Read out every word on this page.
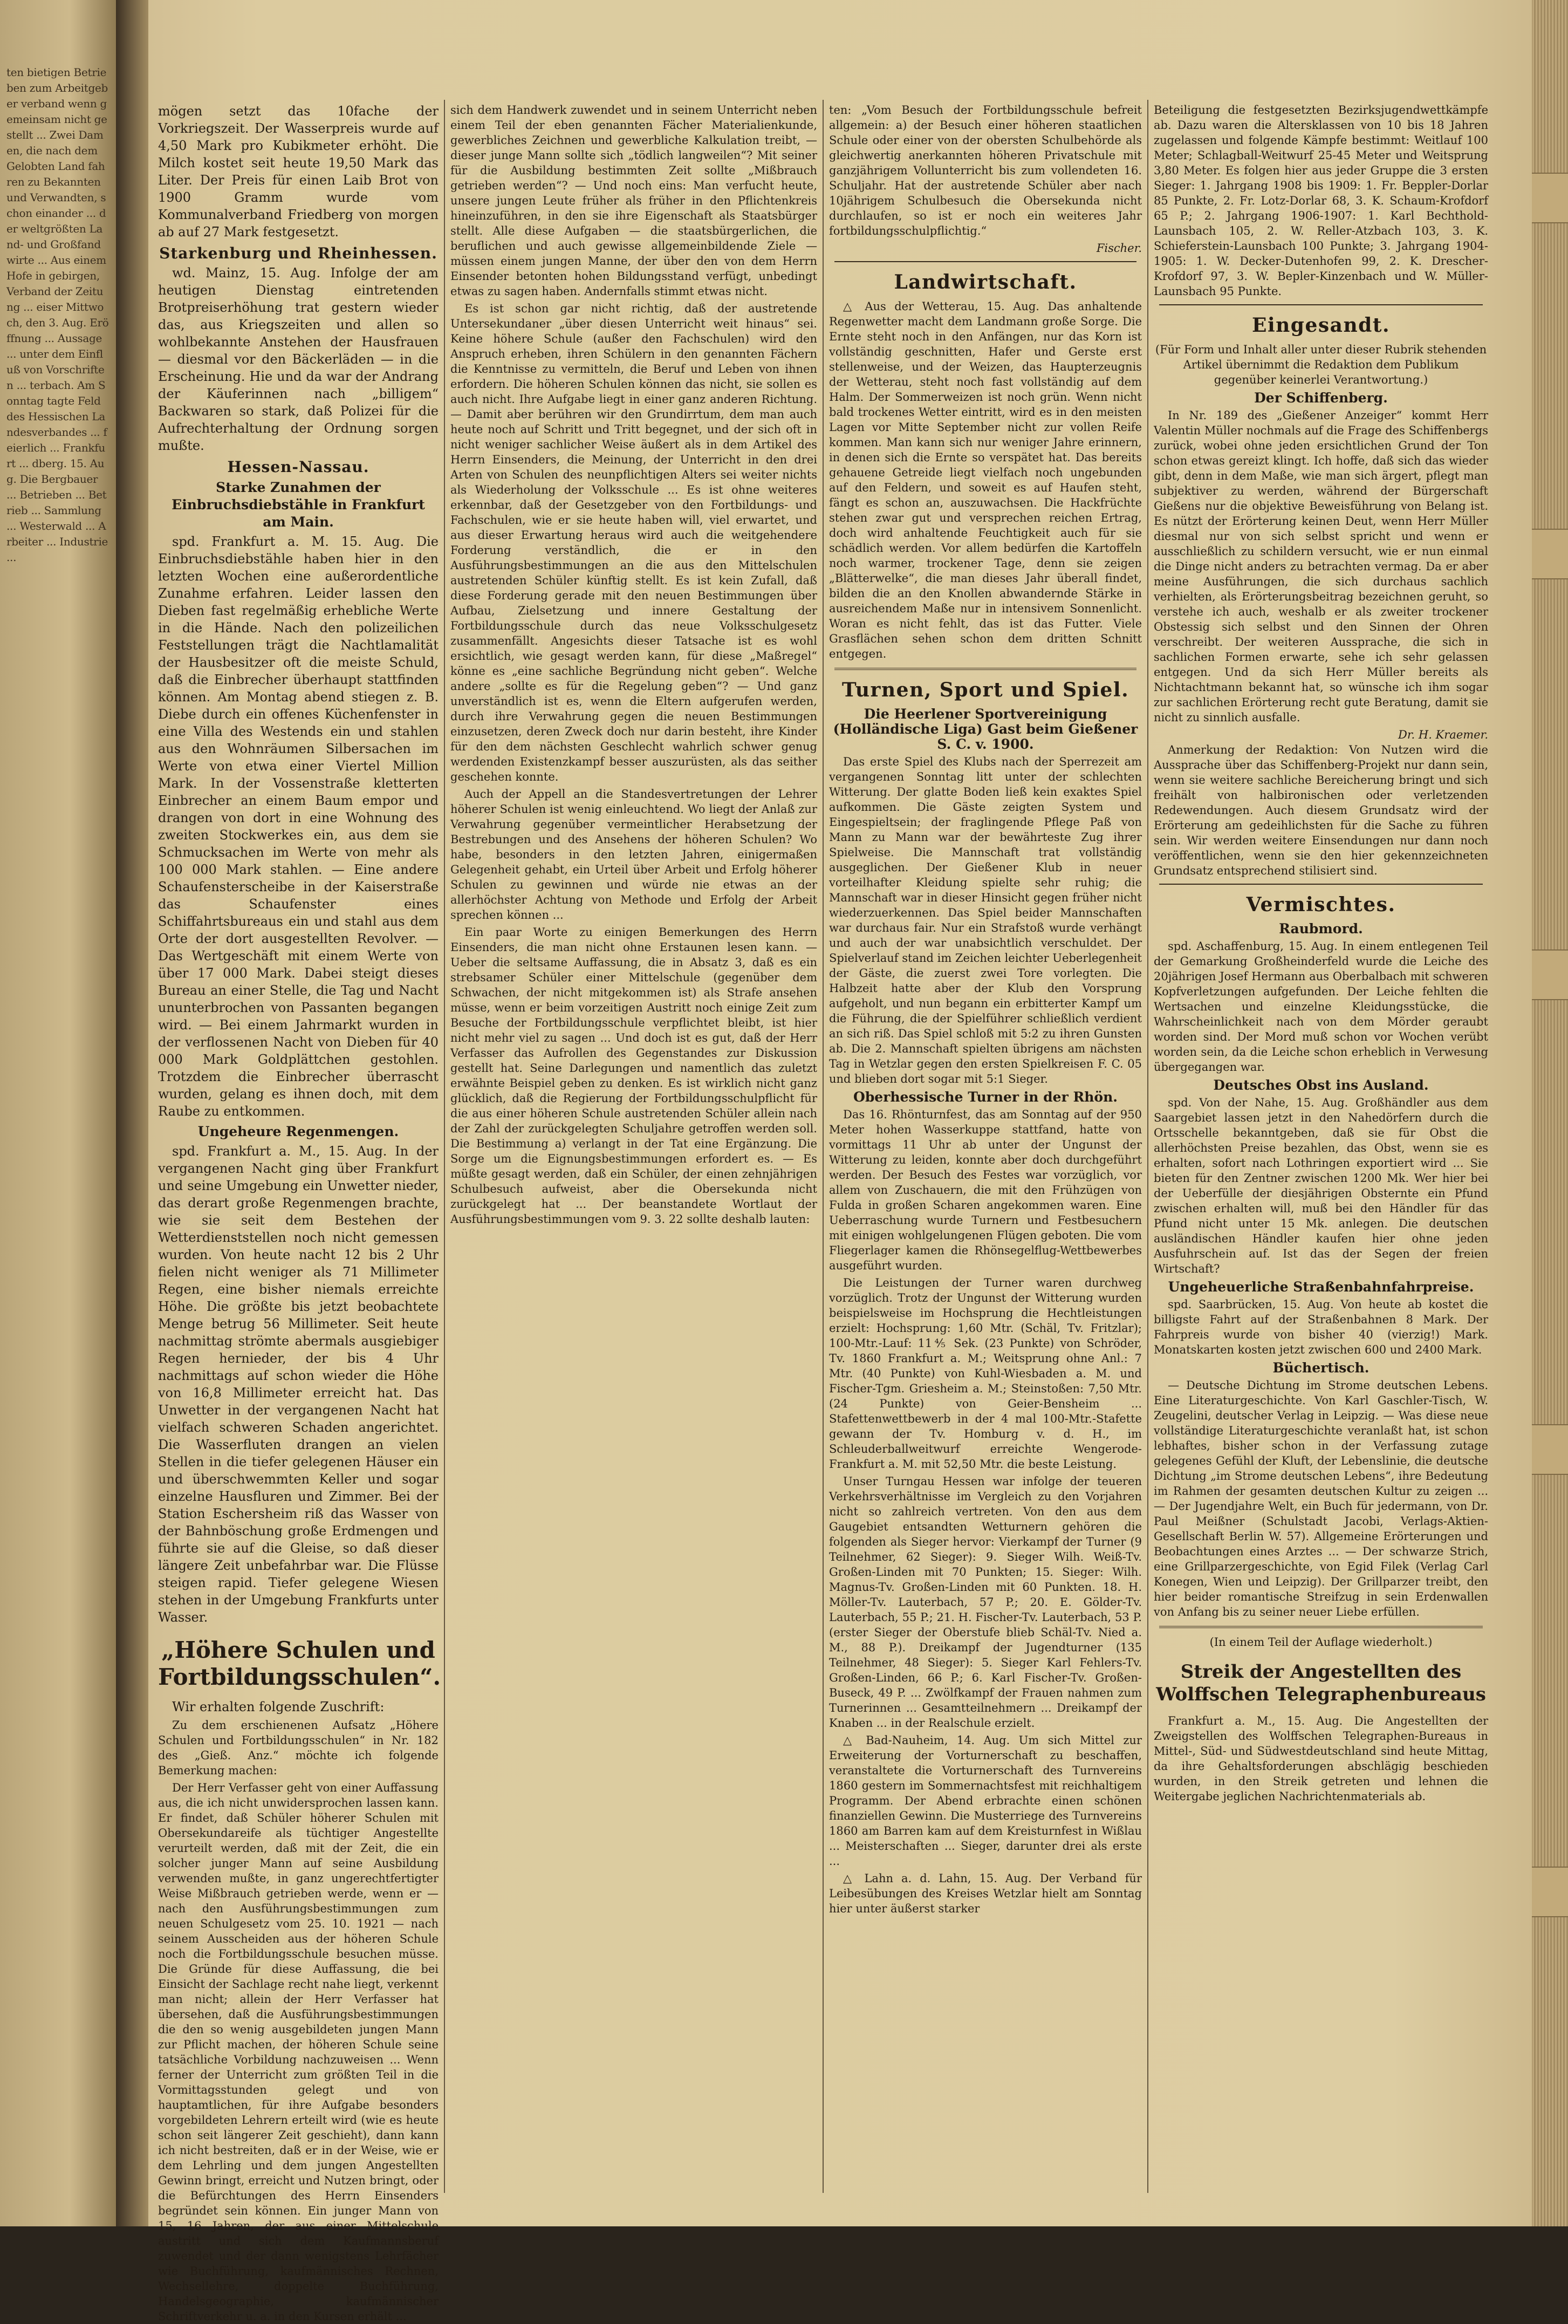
ten bietigen Betrieben zum Arbeitgeber verband wenn gemeinsam nicht gestellt ... Zwei Damen, die nach dem Gelobten Land fahren zu Bekannten und Verwandten, schon einander ... der weltgrößten Land- und Großfandwirte ... Aus einem Hofe in gebirgen, Verband der Zeitung ... eiser Mittwoch, den 3. Aug. Eröffnung ... Aussage ... unter dem Einfluß von Vorschriften ... terbach. Am Sonntag tagte Feld des Hessischen Landesverbandes ... feierlich ... Frankfurt ... dberg. 15. Aug. Die Bergbauer ... Betrieben ... Betrieb ... Sammlung ... Westerwald ... Arbeiter ... Industrie ...

mögen setzt das 10fache der Vorkriegszeit. Der Wasserpreis wurde auf 4,50 Mark pro Kubikmeter erhöht. Die Milch kostet seit heute 19,50 Mark das Liter. Der Preis für einen Laib Brot von 1900 Gramm wurde vom Kommunalverband Friedberg von morgen ab auf 27 Mark festgesetzt.

Starkenburg und Rheinhessen.

wd. Mainz, 15. Aug. Infolge der am heutigen Dienstag eintretenden Brotpreiserhöhung trat gestern wieder das, aus Kriegszeiten und allen so wohlbekannte Anstehen der Hausfrauen — diesmal vor den Bäckerläden — in die Erscheinung. Hie und da war der Andrang der Käuferinnen nach „billigem“ Backwaren so stark, daß Polizei für die Aufrechterhaltung der Ordnung sorgen mußte.

Hessen-Nassau.
Starke Zunahmen der Einbruchsdiebstähle in Frankfurt am Main.

spd. Frankfurt a. M. 15. Aug. Die Einbruchsdiebstähle haben hier in den letzten Wochen eine außerordentliche Zunahme erfahren. Leider lassen den Dieben fast regelmäßig erhebliche Werte in die Hände. Nach den polizeilichen Feststellungen trägt die Nachtlamalität der Hausbesitzer oft die meiste Schuld, daß die Einbrecher überhaupt stattfinden können. Am Montag abend stiegen z. B. Diebe durch ein offenes Küchenfenster in eine Villa des Westends ein und stahlen aus den Wohnräumen Silbersachen im Werte von etwa einer Viertel Million Mark. In der Vossenstraße kletterten Einbrecher an einem Baum empor und drangen von dort in eine Wohnung des zweiten Stockwerkes ein, aus dem sie Schmucksachen im Werte von mehr als 100 000 Mark stahlen. — Eine andere Schaufensterscheibe in der Kaiserstraße das Schaufenster eines Schiffahrtsbureaus ein und stahl aus dem Orte der dort ausgestellten Revolver. — Das Wertgeschäft mit einem Werte von über 17 000 Mark. Dabei steigt dieses Bureau an einer Stelle, die Tag und Nacht ununterbrochen von Passanten begangen wird. — Bei einem Jahrmarkt wurden in der verflossenen Nacht von Dieben für 40 000 Mark Goldplättchen gestohlen. Trotzdem die Einbrecher überrascht wurden, gelang es ihnen doch, mit dem Raube zu entkommen.

Ungeheure Regenmengen.

spd. Frankfurt a. M., 15. Aug. In der vergangenen Nacht ging über Frankfurt und seine Umgebung ein Unwetter nieder, das derart große Regenmengen brachte, wie sie seit dem Bestehen der Wetterdienststellen noch nicht gemessen wurden. Von heute nacht 12 bis 2 Uhr fielen nicht weniger als 71 Millimeter Regen, eine bisher niemals erreichte Höhe. Die größte bis jetzt beobachtete Menge betrug 56 Millimeter. Seit heute nachmittag strömte abermals ausgiebiger Regen hernieder, der bis 4 Uhr nachmittags auf schon wieder die Höhe von 16,8 Millimeter erreicht hat. Das Unwetter in der vergangenen Nacht hat vielfach schweren Schaden angerichtet. Die Wasserfluten drangen an vielen Stellen in die tiefer gelegenen Häuser ein und überschwemmten Keller und sogar einzelne Hausfluren und Zimmer. Bei der Station Eschersheim riß das Wasser von der Bahnböschung große Erdmengen und führte sie auf die Gleise, so daß dieser längere Zeit unbefahrbar war. Die Flüsse steigen rapid. Tiefer gelegene Wiesen stehen in der Umgebung Frankfurts unter Wasser.

„Höhere Schulen und Fortbildungsschulen“.

Wir erhalten folgende Zuschrift:

Zu dem erschienenen Aufsatz „Höhere Schulen und Fortbildungsschulen“ in Nr. 182 des „Gieß. Anz.“ möchte ich folgende Bemerkung machen:

Der Herr Verfasser geht von einer Auffassung aus, die ich nicht unwidersprochen lassen kann. Er findet, daß Schüler höherer Schulen mit Obersekundareife als tüchtiger Angestellte verurteilt werden, daß mit der Zeit, die ein solcher junger Mann auf seine Ausbildung verwenden mußte, in ganz ungerechtfertigter Weise Mißbrauch getrieben werde, wenn er — nach den Ausführungsbestimmungen zum neuen Schulgesetz vom 25. 10. 1921 — nach seinem Ausscheiden aus der höheren Schule noch die Fortbildungsschule besuchen müsse. Die Gründe für diese Auffassung, die bei Einsicht der Sachlage recht nahe liegt, verkennt man nicht; allein der Herr Verfasser hat übersehen, daß die Ausführungsbestimmungen die den so wenig ausgebildeten jungen Mann zur Pflicht machen, der höheren Schule seine tatsächliche Vorbildung nachzuweisen ... Wenn ferner der Unterricht zum größten Teil in die Vormittagsstunden gelegt und von hauptamtlichen, für ihre Aufgabe besonders vorgebildeten Lehrern erteilt wird (wie es heute schon seit längerer Zeit geschieht), dann kann ich nicht bestreiten, daß er in der Weise, wie er dem Lehrling und dem jungen Angestellten Gewinn bringt, erreicht und Nutzen bringt, oder die Befürchtungen des Herrn Einsenders begründet sein können. Ein junger Mann von 15, 16 Jahren, der aus einer Mittelschule austritt und sich dem Kaufmannsberuf zuwendet und der dann wenigstens Lehrfächer wie Buchführung, kaufmännisches Rechnen, Wechsellehre, doppelte Buchführung, Handelsgeographie, kaufmännischer Schriftverkehr u. a. in den Kursen erhält ...

sich dem Handwerk zuwendet und in seinem Unterricht neben einem Teil der eben genannten Fächer Materialienkunde, gewerbliches Zeichnen und gewerbliche Kalkulation treibt, — dieser junge Mann sollte sich „tödlich langweilen“? Mit seiner für die Ausbildung bestimmten Zeit sollte „Mißbrauch getrieben werden“? — Und noch eins: Man verfucht heute, unsere jungen Leute früher als früher in den Pflichtenkreis hineinzuführen, in den sie ihre Eigenschaft als Staatsbürger stellt. Alle diese Aufgaben — die staatsbürgerlichen, die beruflichen und auch gewisse allgemeinbildende Ziele — müssen einem jungen Manne, der über den von dem Herrn Einsender betonten hohen Bildungsstand verfügt, unbedingt etwas zu sagen haben. Andernfalls stimmt etwas nicht.

Es ist schon gar nicht richtig, daß der austretende Untersekundaner „über diesen Unterricht weit hinaus“ sei. Keine höhere Schule (außer den Fachschulen) wird den Anspruch erheben, ihren Schülern in den genannten Fächern die Kenntnisse zu vermitteln, die Beruf und Leben von ihnen erfordern. Die höheren Schulen können das nicht, sie sollen es auch nicht. Ihre Aufgabe liegt in einer ganz anderen Richtung. — Damit aber berühren wir den Grundirrtum, dem man auch heute noch auf Schritt und Tritt begegnet, und der sich oft in nicht weniger sachlicher Weise äußert als in dem Artikel des Herrn Einsenders, die Meinung, der Unterricht in den drei Arten von Schulen des neunpflichtigen Alters sei weiter nichts als Wiederholung der Volksschule ... Es ist ohne weiteres erkennbar, daß der Gesetzgeber von den Fortbildungs- und Fachschulen, wie er sie heute haben will, viel erwartet, und aus dieser Erwartung heraus wird auch die weitgehendere Forderung verständlich, die er in den Ausführungsbestimmungen an die aus den Mittelschulen austretenden Schüler künftig stellt. Es ist kein Zufall, daß diese Forderung gerade mit den neuen Bestimmungen über Aufbau, Zielsetzung und innere Gestaltung der Fortbildungsschule durch das neue Volksschulgesetz zusammenfällt. Angesichts dieser Tatsache ist es wohl ersichtlich, wie gesagt werden kann, für diese „Maßregel“ könne es „eine sachliche Begründung nicht geben“. Welche andere „sollte es für die Regelung geben“? — Und ganz unverständlich ist es, wenn die Eltern aufgerufen werden, durch ihre Verwahrung gegen die neuen Bestimmungen einzusetzen, deren Zweck doch nur darin besteht, ihre Kinder für den dem nächsten Geschlecht wahrlich schwer genug werdenden Existenzkampf besser auszurüsten, als das seither geschehen konnte.

Auch der Appell an die Standesvertretungen der Lehrer höherer Schulen ist wenig einleuchtend. Wo liegt der Anlaß zur Verwahrung gegenüber vermeintlicher Herabsetzung der Bestrebungen und des Ansehens der höheren Schulen? Wo habe, besonders in den letzten Jahren, einigermaßen Gelegenheit gehabt, ein Urteil über Arbeit und Erfolg höherer Schulen zu gewinnen und würde nie etwas an der allerhöchster Achtung von Methode und Erfolg der Arbeit sprechen können ...

Ein paar Worte zu einigen Bemerkungen des Herrn Einsenders, die man nicht ohne Erstaunen lesen kann. — Ueber die seltsame Auffassung, die in Absatz 3, daß es ein strebsamer Schüler einer Mittelschule (gegenüber dem Schwachen, der nicht mitgekommen ist) als Strafe ansehen müsse, wenn er beim vorzeitigen Austritt noch einige Zeit zum Besuche der Fortbildungsschule verpflichtet bleibt, ist hier nicht mehr viel zu sagen ... Und doch ist es gut, daß der Herr Verfasser das Aufrollen des Gegenstandes zur Diskussion gestellt hat. Seine Darlegungen und namentlich das zuletzt erwähnte Beispiel geben zu denken. Es ist wirklich nicht ganz glücklich, daß die Regierung der Fortbildungsschulpflicht für die aus einer höheren Schule austretenden Schüler allein nach der Zahl der zurückgelegten Schuljahre getroffen werden soll. Die Bestimmung a) verlangt in der Tat eine Ergänzung. Die Sorge um die Eignungsbestimmungen erfordert es. — Es müßte gesagt werden, daß ein Schüler, der einen zehnjährigen Schulbesuch aufweist, aber die Obersekunda nicht zurückgelegt hat ... Der beanstandete Wortlaut der Ausführungsbestimmungen vom 9. 3. 22 sollte deshalb lauten:

ten: „Vom Besuch der Fortbildungsschule befreit allgemein: a) der Besuch einer höheren staatlichen Schule oder einer von der obersten Schulbehörde als gleichwertig anerkannten höheren Privatschule mit ganzjährigem Vollunterricht bis zum vollendeten 16. Schuljahr. Hat der austretende Schüler aber nach 10jährigem Schulbesuch die Obersekunda nicht durchlaufen, so ist er noch ein weiteres Jahr fortbildungsschulpflichtig.“

Fischer.
Landwirtschaft.

△ Aus der Wetterau, 15. Aug. Das anhaltende Regenwetter macht dem Landmann große Sorge. Die Ernte steht noch in den Anfängen, nur das Korn ist vollständig geschnitten, Hafer und Gerste erst stellenweise, und der Weizen, das Haupterzeugnis der Wetterau, steht noch fast vollständig auf dem Halm. Der Sommerweizen ist noch grün. Wenn nicht bald trockenes Wetter eintritt, wird es in den meisten Lagen vor Mitte September nicht zur vollen Reife kommen. Man kann sich nur weniger Jahre erinnern, in denen sich die Ernte so verspätet hat. Das bereits gehauene Getreide liegt vielfach noch ungebunden auf den Feldern, und soweit es auf Haufen steht, fängt es schon an, auszuwachsen. Die Hackfrüchte stehen zwar gut und versprechen reichen Ertrag, doch wird anhaltende Feuchtigkeit auch für sie schädlich werden. Vor allem bedürfen die Kartoffeln noch warmer, trockener Tage, denn sie zeigen „Blätterwelke“, die man dieses Jahr überall findet, bilden die an den Knollen abwandernde Stärke in ausreichendem Maße nur in intensivem Sonnenlicht. Woran es nicht fehlt, das ist das Futter. Viele Grasflächen sehen schon dem dritten Schnitt entgegen.

Turnen, Sport und Spiel.
Die Heerlener Sportvereinigung (Holländische Liga) Gast beim Gießener S. C. v. 1900.

Das erste Spiel des Klubs nach der Sperrezeit am vergangenen Sonntag litt unter der schlechten Witterung. Der glatte Boden ließ kein exaktes Spiel aufkommen. Die Gäste zeigten System und Eingespieltsein; der fraglingende Pflege Paß von Mann zu Mann war der bewährteste Zug ihrer Spielweise. Die Mannschaft trat vollständig ausgeglichen. Der Gießener Klub in neuer vorteilhafter Kleidung spielte sehr ruhig; die Mannschaft war in dieser Hinsicht gegen früher nicht wiederzuerkennen. Das Spiel beider Mannschaften war durchaus fair. Nur ein Strafstoß wurde verhängt und auch der war unabsichtlich verschuldet. Der Spielverlauf stand im Zeichen leichter Ueberlegenheit der Gäste, die zuerst zwei Tore vorlegten. Die Halbzeit hatte aber der Klub den Vorsprung aufgeholt, und nun begann ein erbitterter Kampf um die Führung, die der Spielführer schließlich verdient an sich riß. Das Spiel schloß mit 5:2 zu ihren Gunsten ab. Die 2. Mannschaft spielten übrigens am nächsten Tag in Wetzlar gegen den ersten Spielkreisen F. C. 05 und blieben dort sogar mit 5:1 Sieger.

Oberhessische Turner in der Rhön.

Das 16. Rhönturnfest, das am Sonntag auf der 950 Meter hohen Wasserkuppe stattfand, hatte von vormittags 11 Uhr ab unter der Ungunst der Witterung zu leiden, konnte aber doch durchgeführt werden. Der Besuch des Festes war vorzüglich, vor allem von Zuschauern, die mit den Frühzügen von Fulda in großen Scharen angekommen waren. Eine Ueberraschung wurde Turnern und Festbesuchern mit einigen wohlgelungenen Flügen geboten. Die vom Fliegerlager kamen die Rhönsegelflug-Wettbewerbes ausgeführt wurden.

Die Leistungen der Turner waren durchweg vorzüglich. Trotz der Ungunst der Witterung wurden beispielsweise im Hochsprung die Hechtleistungen erzielt: Hochsprung: 1,60 Mtr. (Schäl, Tv. Fritzlar); 100-Mtr.-Lauf: 11⅘ Sek. (23 Punkte) von Schröder, Tv. 1860 Frankfurt a. M.; Weitsprung ohne Anl.: 7 Mtr. (40 Punkte) von Kuhl-Wiesbaden a. M. und Fischer-Tgm. Griesheim a. M.; Steinstoßen: 7,50 Mtr. (24 Punkte) von Geier-Bensheim ... Stafettenwettbewerb in der 4 mal 100-Mtr.-Stafette gewann der Tv. Homburg v. d. H., im Schleuderballweitwurf erreichte Wengerode-Frankfurt a. M. mit 52,50 Mtr. die beste Leistung.

Unser Turngau Hessen war infolge der teueren Verkehrsverhältnisse im Vergleich zu den Vorjahren nicht so zahlreich vertreten. Von den aus dem Gaugebiet entsandten Wetturnern gehören die folgenden als Sieger hervor: Vierkampf der Turner (9 Teilnehmer, 62 Sieger): 9. Sieger Wilh. Weiß-Tv. Großen-Linden mit 70 Punkten; 15. Sieger: Wilh. Magnus-Tv. Großen-Linden mit 60 Punkten. 18. H. Möller-Tv. Lauterbach, 57 P.; 20. E. Gölder-Tv. Lauterbach, 55 P.; 21. H. Fischer-Tv. Lauterbach, 53 P. (erster Sieger der Oberstufe blieb Schäl-Tv. Nied a. M., 88 P.). Dreikampf der Jugendturner (135 Teilnehmer, 48 Sieger): 5. Sieger Karl Fehlers-Tv. Großen-Linden, 66 P.; 6. Karl Fischer-Tv. Großen-Buseck, 49 P. ... Zwölfkampf der Frauen nahmen zum Turnerinnen ... Gesamtteilnehmern ... Dreikampf der Knaben ... in der Realschule erzielt.

△ Bad-Nauheim, 14. Aug. Um sich Mittel zur Erweiterung der Vorturnerschaft zu beschaffen, veranstaltete die Vorturnerschaft des Turnvereins 1860 gestern im Sommernachtsfest mit reichhaltigem Programm. Der Abend erbrachte einen schönen finanziellen Gewinn. Die Musterriege des Turnvereins 1860 am Barren kam auf dem Kreisturnfest in Wißlau ... Meisterschaften ... Sieger, darunter drei als erste ...

△ Lahn a. d. Lahn, 15. Aug. Der Verband für Leibesübungen des Kreises Wetzlar hielt am Sonntag hier unter äußerst starker

Beteiligung die festgesetzten Bezirksjugendwettkämpfe ab. Dazu waren die Altersklassen von 10 bis 18 Jahren zugelassen und folgende Kämpfe bestimmt: Weitlauf 100 Meter; Schlagball-Weitwurf 25-45 Meter und Weitsprung 3,80 Meter. Es folgen hier aus jeder Gruppe die 3 ersten Sieger: 1. Jahrgang 1908 bis 1909: 1. Fr. Beppler-Dorlar 85 Punkte, 2. Fr. Lotz-Dorlar 68, 3. K. Schaum-Krofdorf 65 P.; 2. Jahrgang 1906-1907: 1. Karl Bechthold-Launsbach 105, 2. W. Reller-Atzbach 103, 3. K. Schieferstein-Launsbach 100 Punkte; 3. Jahrgang 1904-1905: 1. W. Decker-Dutenhofen 99, 2. K. Drescher-Krofdorf 97, 3. W. Bepler-Kinzenbach und W. Müller-Launsbach 95 Punkte.

Eingesandt.

(Für Form und Inhalt aller unter dieser Rubrik stehenden Artikel übernimmt die Redaktion dem Publikum gegenüber keinerlei Verantwortung.)

Der Schiffenberg.

In Nr. 189 des „Gießener Anzeiger“ kommt Herr Valentin Müller nochmals auf die Frage des Schiffenbergs zurück, wobei ohne jeden ersichtlichen Grund der Ton schon etwas gereizt klingt. Ich hoffe, daß sich das wieder gibt, denn in dem Maße, wie man sich ärgert, pflegt man subjektiver zu werden, während der Bürgerschaft Gießens nur die objektive Beweisführung von Belang ist. Es nützt der Erörterung keinen Deut, wenn Herr Müller diesmal nur von sich selbst spricht und wenn er ausschließlich zu schildern versucht, wie er nun einmal die Dinge nicht anders zu betrachten vermag. Da er aber meine Ausführungen, die sich durchaus sachlich verhielten, als Erörterungsbeitrag bezeichnen geruht, so verstehe ich auch, weshalb er als zweiter trockener Obstessig sich selbst und den Sinnen der Ohren verschreibt. Der weiteren Aussprache, die sich in sachlichen Formen erwarte, sehe ich sehr gelassen entgegen. Und da sich Herr Müller bereits als Nichtachtmann bekannt hat, so wünsche ich ihm sogar zur sachlichen Erörterung recht gute Beratung, damit sie nicht zu sinnlich ausfalle.

Dr. H. Kraemer.

Anmerkung der Redaktion: Von Nutzen wird die Aussprache über das Schiffenberg-Projekt nur dann sein, wenn sie weitere sachliche Bereicherung bringt und sich freihält von halbironischen oder verletzenden Redewendungen. Auch diesem Grundsatz wird der Erörterung am gedeihlichsten für die Sache zu führen sein. Wir werden weitere Einsendungen nur dann noch veröffentlichen, wenn sie den hier gekennzeichneten Grundsatz entsprechend stilisiert sind.

Vermischtes.
Raubmord.

spd. Aschaffenburg, 15. Aug. In einem entlegenen Teil der Gemarkung Großheinderfeld wurde die Leiche des 20jährigen Josef Hermann aus Oberbalbach mit schweren Kopfverletzungen aufgefunden. Der Leiche fehlten die Wertsachen und einzelne Kleidungsstücke, die Wahrscheinlichkeit nach von dem Mörder geraubt worden sind. Der Mord muß schon vor Wochen verübt worden sein, da die Leiche schon erheblich in Verwesung übergegangen war.

Deutsches Obst ins Ausland.

spd. Von der Nahe, 15. Aug. Großhändler aus dem Saargebiet lassen jetzt in den Nahedörfern durch die Ortsschelle bekanntgeben, daß sie für Obst die allerhöchsten Preise bezahlen, das Obst, wenn sie es erhalten, sofort nach Lothringen exportiert wird ... Sie bieten für den Zentner zwischen 1200 Mk. Wer hier bei der Ueberfülle der diesjährigen Obsternte ein Pfund zwischen erhalten will, muß bei den Händler für das Pfund nicht unter 15 Mk. anlegen. Die deutschen ausländischen Händler kaufen hier ohne jeden Ausfuhrschein auf. Ist das der Segen der freien Wirtschaft?

Ungeheuerliche Straßenbahnfahrpreise.

spd. Saarbrücken, 15. Aug. Von heute ab kostet die billigste Fahrt auf der Straßenbahnen 8 Mark. Der Fahrpreis wurde von bisher 40 (vierzig!) Mark. Monatskarten kosten jetzt zwischen 600 und 2400 Mark.

Büchertisch.

— Deutsche Dichtung im Strome deutschen Lebens. Eine Literaturgeschichte. Von Karl Gaschler-Tisch, W. Zeugelini, deutscher Verlag in Leipzig. — Was diese neue vollständige Literaturgeschichte veranlaßt hat, ist schon lebhaftes, bisher schon in der Verfassung zutage gelegenes Gefühl der Kluft, der Lebenslinie, die deutsche Dichtung „im Strome deutschen Lebens“, ihre Bedeutung im Rahmen der gesamten deutschen Kultur zu zeigen ... — Der Jugendjahre Welt, ein Buch für jedermann, von Dr. Paul Meißner (Schulstadt Jacobi, Verlags-Aktien-Gesellschaft Berlin W. 57). Allgemeine Erörterungen und Beobachtungen eines Arztes ... — Der schwarze Strich, eine Grillparzergeschichte, von Egid Filek (Verlag Carl Konegen, Wien und Leipzig). Der Grillparzer treibt, den hier beider romantische Streifzug in sein Erdenwallen von Anfang bis zu seiner neuer Liebe erfüllen.

(In einem Teil der Auflage wiederholt.)

Streik der Angestellten des Wolffschen Telegraphenbureaus

Frankfurt a. M., 15. Aug. Die Angestellten der Zweigstellen des Wolffschen Telegraphen-Bureaus in Mittel-, Süd- und Südwestdeutschland sind heute Mittag, da ihre Gehaltsforderungen abschlägig beschieden wurden, in den Streik getreten und lehnen die Weitergabe jeglichen Nachrichtenmaterials ab.
